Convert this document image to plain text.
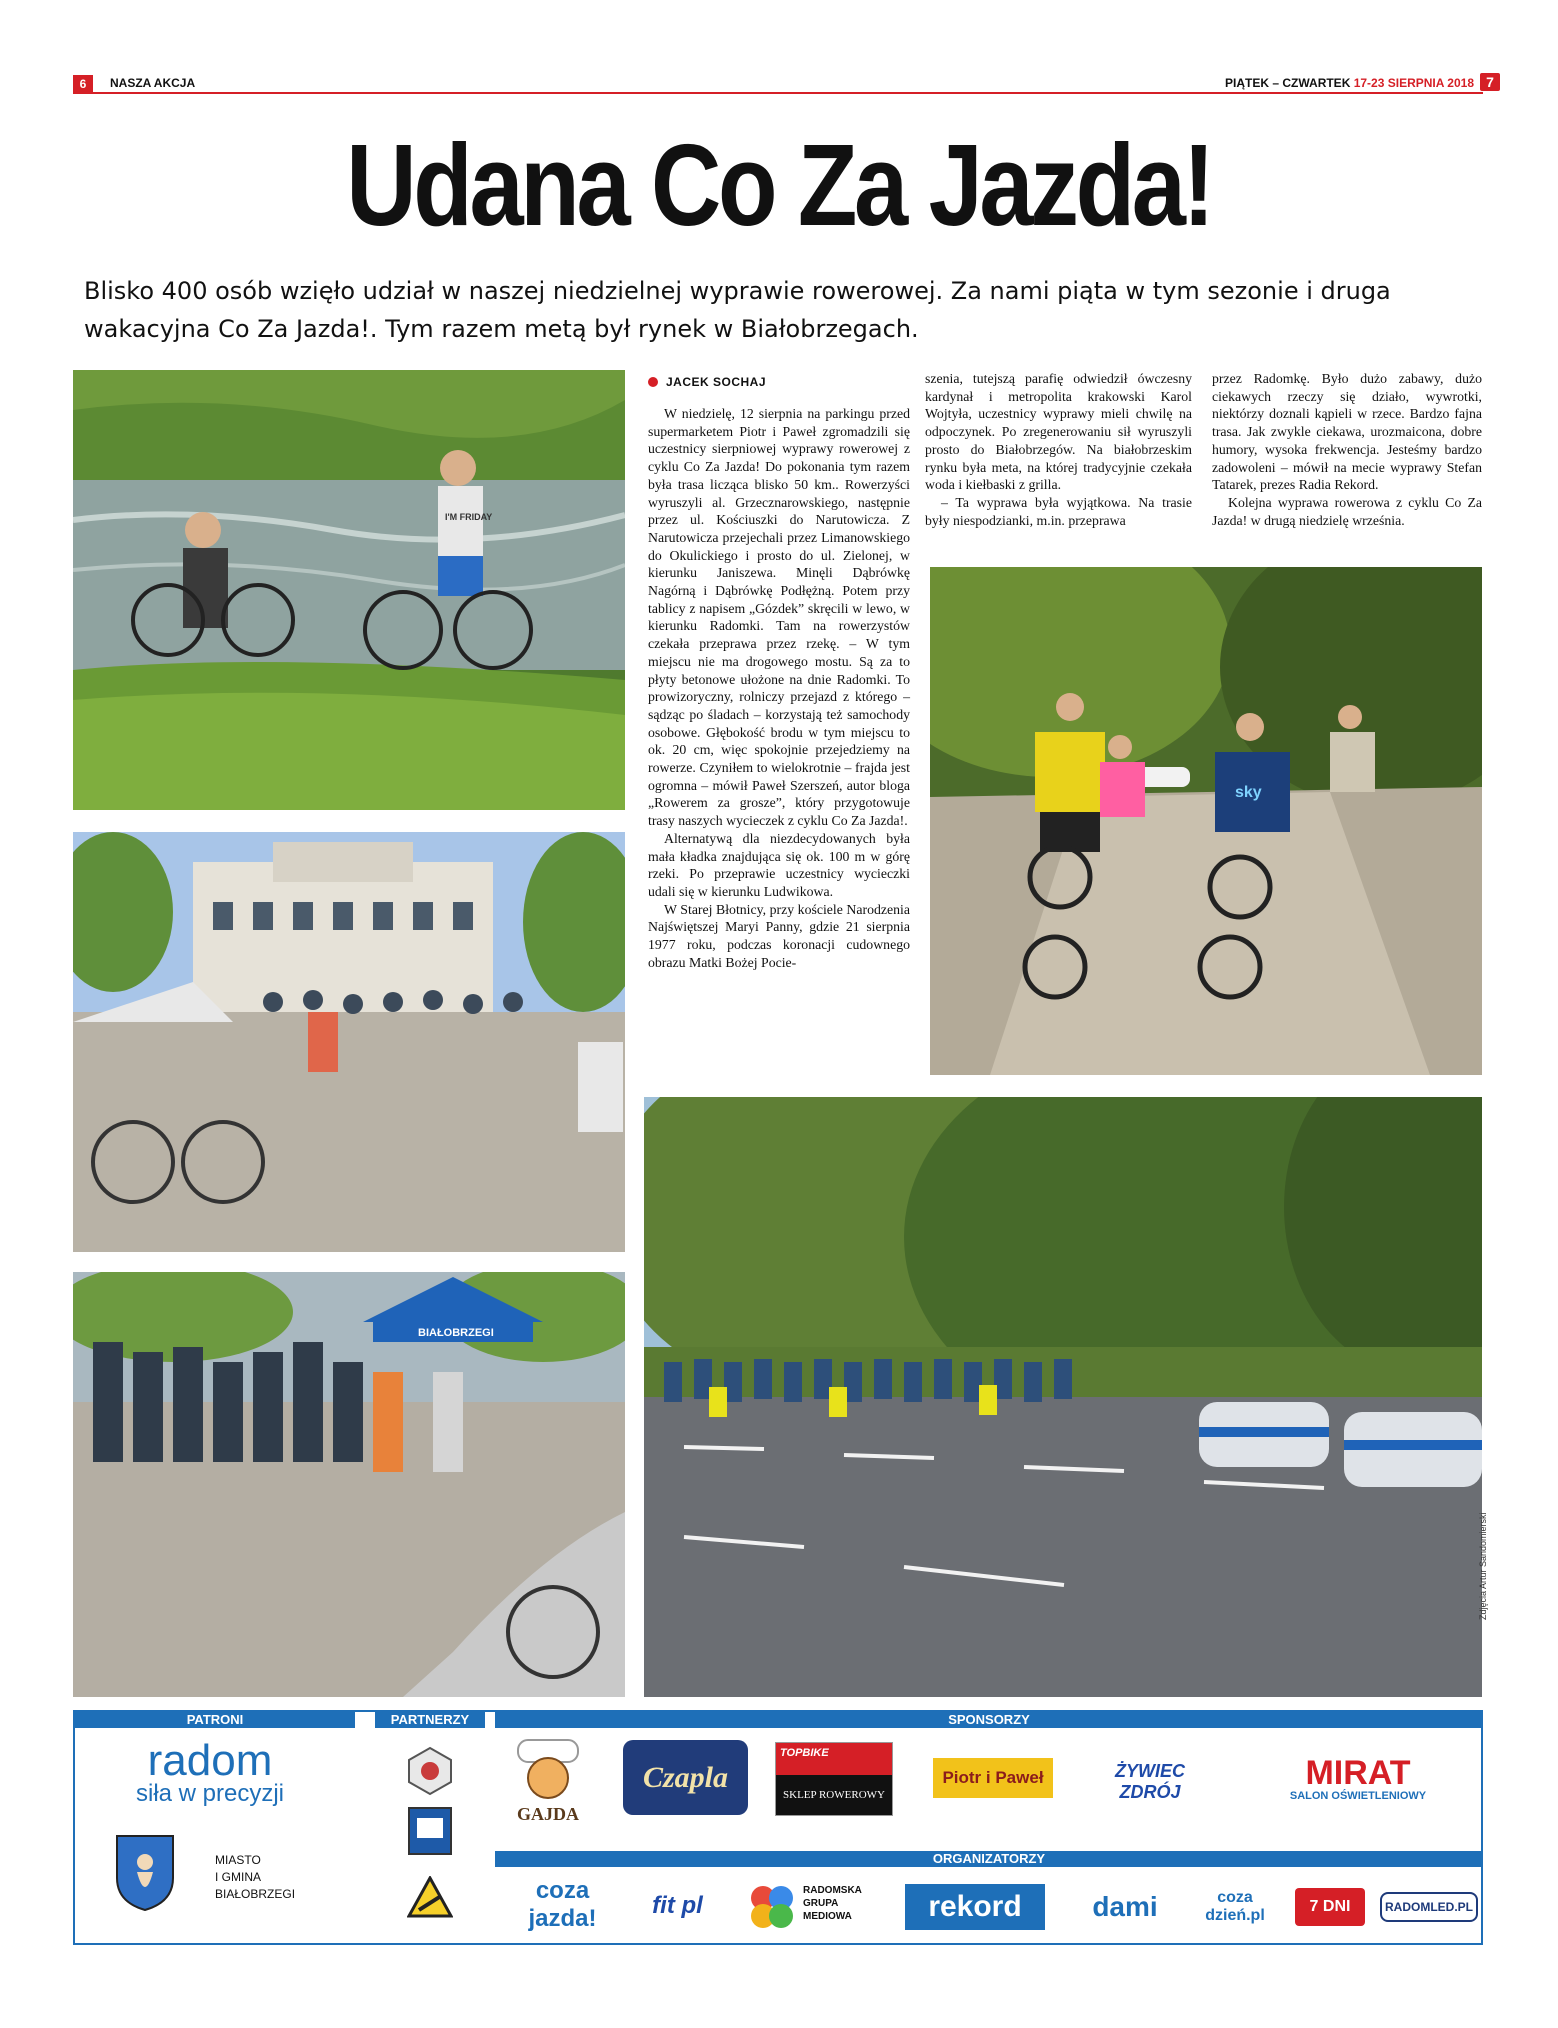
6	NASZA AKCJA	PIĄTEK – CZWARTEK 17-23 SIERPNIA 2018 7
Udana Co Za Jazda!

Blisko 400 osób wzięło udział w naszej niedzielnej wyprawie rowerowej. Za nami piąta w tym sezonie i druga wakacyjna Co Za Jazda!. Tym razem metą był rynek w Białobrzegach.

I'M FRIDAY
BIAŁOBRZEGI
sky
JACEK SOCHAJ

W niedzielę, 12 sierpnia na parkingu przed supermarketem Piotr i Paweł zgromadzili się uczestnicy sierpniowej wyprawy rowerowej z cyklu Co Za Jazda! Do pokonania tym razem była trasa licząca blisko 50 km.. Rowerzyści wyruszyli al. Grzecznarowskiego, następnie przez ul. Kościuszki do Narutowicza. Z Narutowicza przejechali przez Limanowskiego do Okulickiego i prosto do ul. Zielonej, w kierunku Janiszewa. Minęli Dąbrówkę Nagórną i Dąbrówkę Podłężną. Potem przy tablicy z napisem „Gózdek” skręcili w lewo, w kierunku Radomki. Tam na rowerzystów czekała przeprawa przez rzekę. – W tym miejscu nie ma drogowego mostu. Są za to płyty betonowe ułożone na dnie Radomki. To prowizoryczny, rolniczy przejazd z którego – sądząc po śladach – korzystają też samochody osobowe. Głębokość brodu w tym miejscu to ok. 20 cm, więc spokojnie przejedziemy na rowerze. Czyniłem to wielokrotnie – frajda jest ogromna – mówił Paweł Szerszeń, autor bloga „Rowerem za grosze”, który przygotowuje trasy naszych wycieczek z cyklu Co Za Jazda!.

Alternatywą dla niezdecydowanych była mała kładka znajdująca się ok. 100 m w górę rzeki. Po przeprawie uczestnicy wycieczki udali się w kierunku Ludwikowa.

W Starej Błotnicy, przy kościele Narodzenia Najświętszej Maryi Panny, gdzie 21 sierpnia 1977 roku, podczas koronacji cudownego obrazu Matki Bożej Pocie-

szenia, tutejszą parafię odwiedził ówczesny kardynał i metropolita krakowski Karol Wojtyła, uczestnicy wyprawy mieli chwilę na odpoczynek. Po zregenerowaniu sił wyruszyli prosto do Białobrzegów. Na białobrzeskim rynku była meta, na której tradycyjnie czekała woda i kiełbaski z grilla.

– Ta wyprawa była wyjątkowa. Na trasie były niespodzianki, m.in. przeprawa

przez Radomkę. Było dużo zabawy, dużo ciekawych rzeczy się działo, wywrotki, niektórzy doznali kąpieli w rzece. Bardzo fajna trasa. Jak zwykle ciekawa, urozmaicona, dobre humory, wysoka frekwencja. Jesteśmy bardzo zadowoleni – mówił na mecie wyprawy Stefan Tatarek, prezes Radia Rekord.

Kolejna wyprawa rowerowa z cyklu Co Za Jazda! w drugą niedzielę września.

Zdjęcia Artur Sandomierski
PATRONI	PARTNERZY	SPONSORZY
ORGANIZATORZY
radom
siła w precyzji
MIASTO
I GMINA
BIAŁOBRZEGI
GAJDA
Czapla
TOPBIKE
SKLEP ROWEROWY
Piotr i Paweł	ŻYWIEC ZDRÓJ	MIRAT
SALON OŚWIETLENIOWY
coza jazda!	fit pl
RADOMSKA
GRUPA
MEDIOWA	rekord	dami	coza dzień.pl
7 DNI	RADOMLED.PL
